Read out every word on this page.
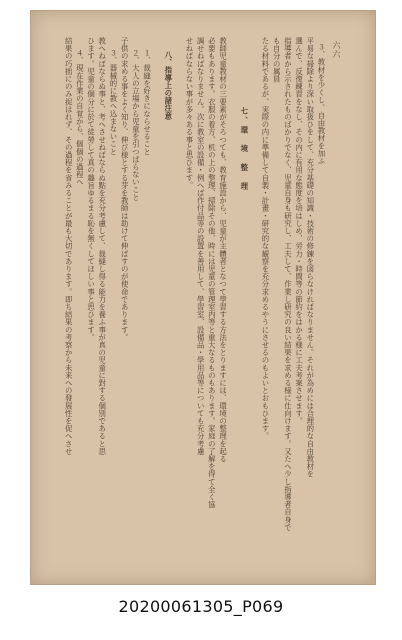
六六
３、教材を少くし、自由教材を加ふ
平易な掃除より深い取扱ひをして、充分基礎の知識・技術の修錬を図らなければなりません。それが為めには合理的な自由教材を
選んで、反復練習をなし、その内に有用な態度を培はしめ、労力・時間等の節約をはかる様に工夫考案させます。
指導者から示されたものばかりでなく、児童自身も研究し、工夫して、作業し研究の良い結果を求める様に仕向けます。又たへ少し指導者自身でも自分の属員
たる材料であるが、実際の内に準備して自製・計畫・研究的な観察を充分求めるやうにさせるのもよいとおもひます。
七、環　境　整　理
教師児童教材の三要素がそろつても、教育施設から、児童が主體者となつて學習する方法をとりますには、環境の整理を起る
必要もあります。衣服の着方、机の上の整理、掃除その他、時には児童の管理室内等と重大なるものもあります。家庭の了解を得て全く協
調せねばなりません。次に教室の設備・例へば作付品等の設置を善用して、學習室、設備品・學用品等についても充分考慮
せねばならない事が多々ある事と思ひます。
八、指導上の諸注意
１、裁縫を好きにならせること
２、大人の立場から児童を引つぱらないこと
子供の求める事をよく知り、伸び様とする芽を教師は助けて伸ばすのが使命であります。
３、器械的に教へ込まないこと
教へねばならぬ事と、考へさせねばならぬ點を充分考慮して、裁縫し得る能力を養ふ事が真の児童に對する個別であると思
ひます。児童の個分に於て徒勞して真の趣旨ゆるまる恥を無くしてほしい事と思ひます。
４、現在作業の自覚から、個個の過程へ
結果の巧拙にのみ捉はれず、その過程を省みることが最も大切であります。即ち結果の考察から未来への發展性を促へさせ
20200061305_P069
